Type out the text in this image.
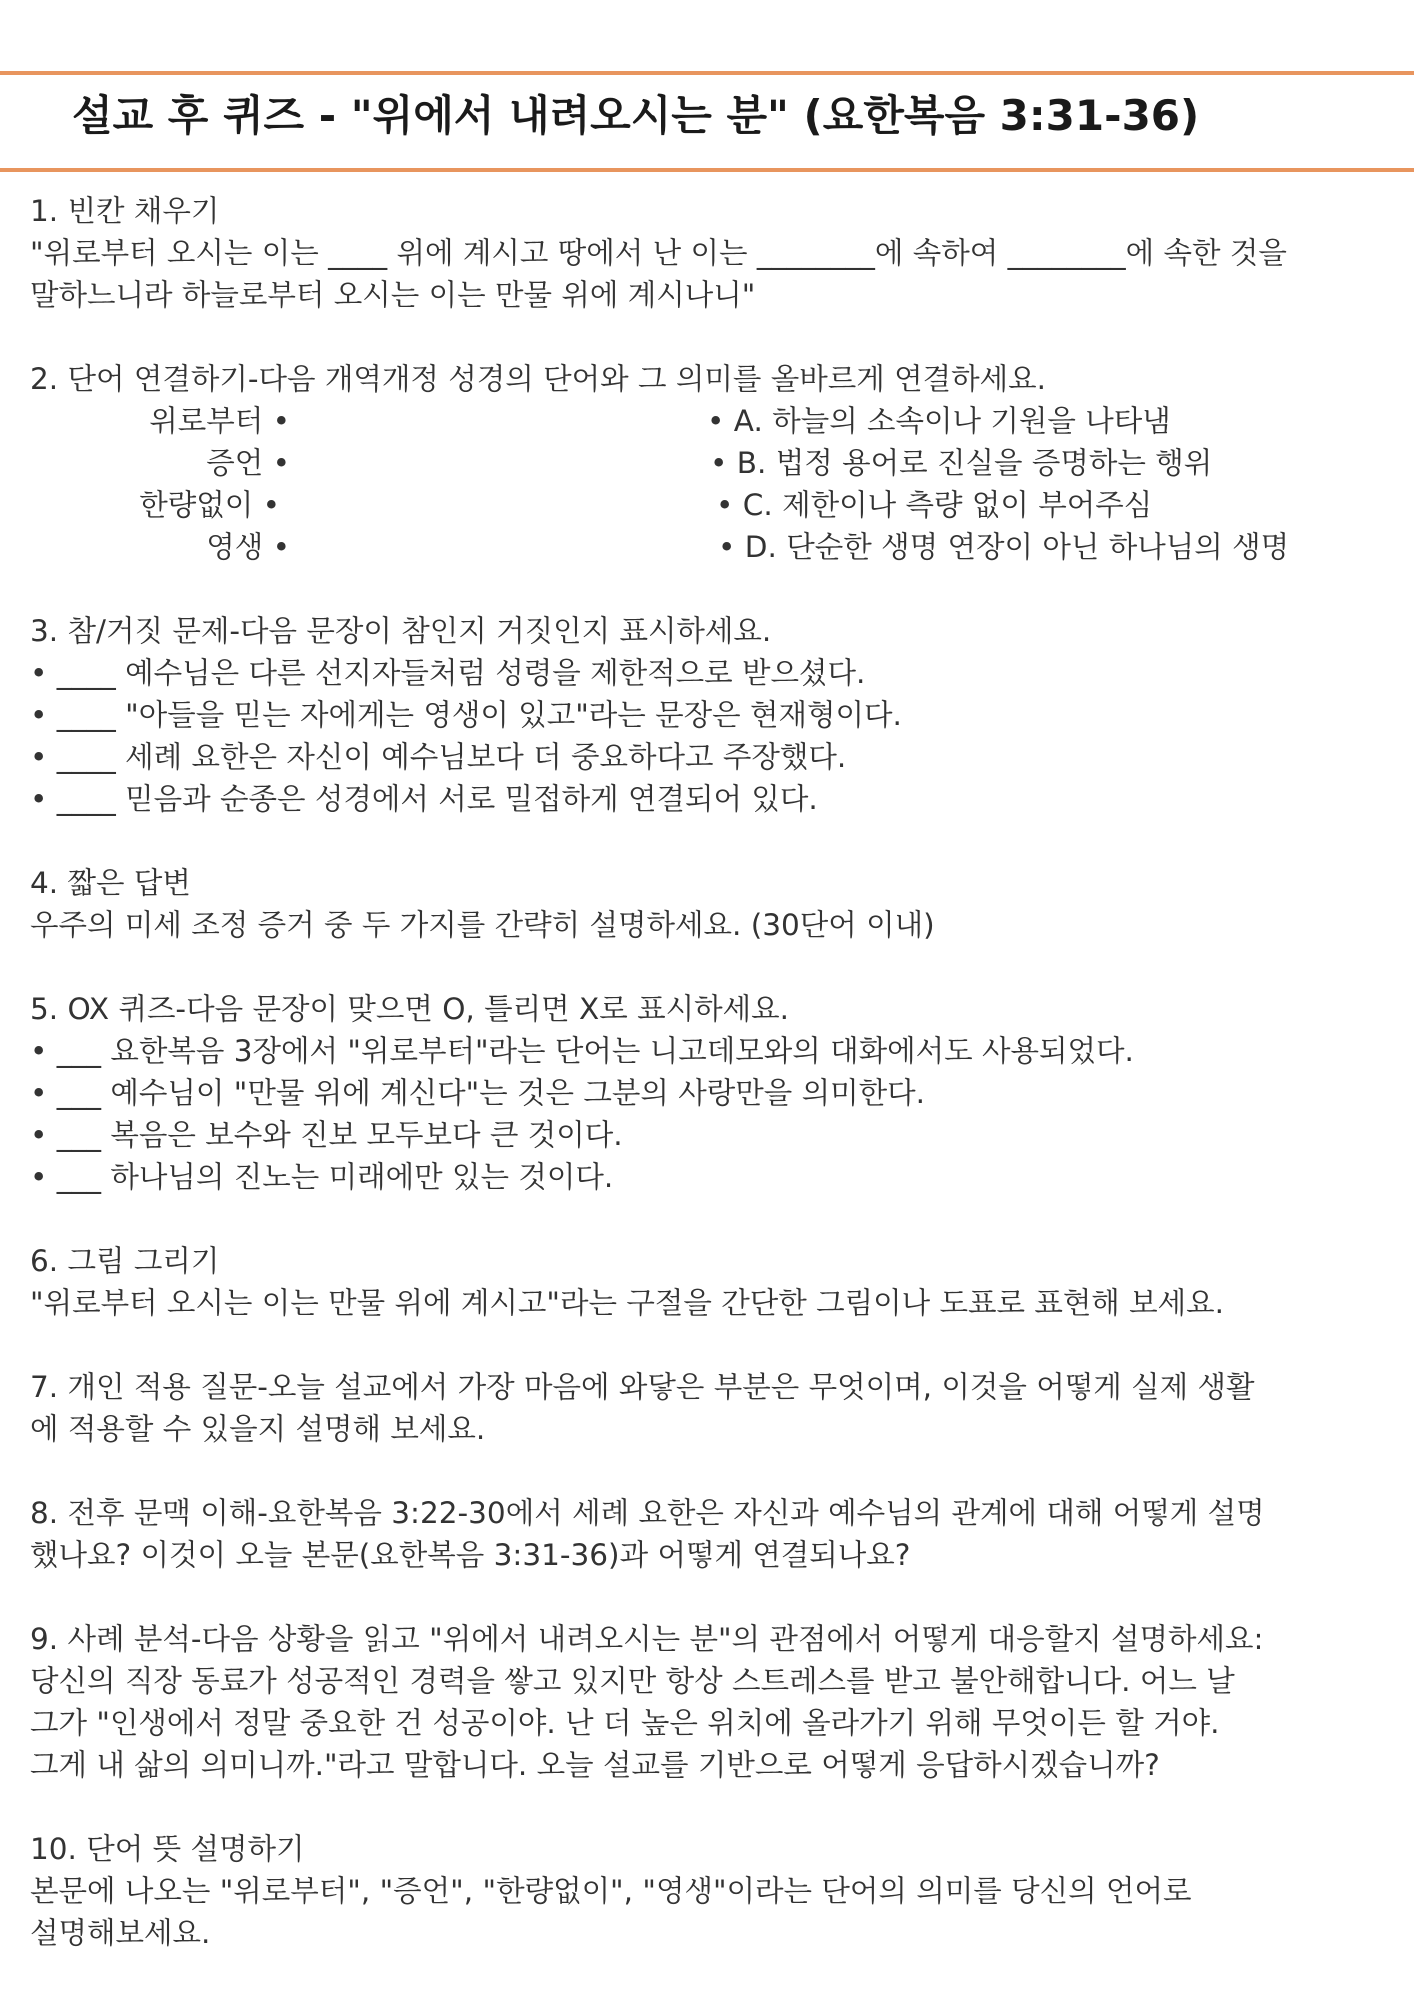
설교 후 퀴즈 - "위에서 내려오시는 분" (요한복음 3:31-36)
1. 빈칸 채우기
"위로부터 오시는 이는 ____ 위에 계시고 땅에서 난 이는 ________에 속하여 ________에 속한 것을
말하느니라 하늘로부터 오시는 이는 만물 위에 계시나니"
2. 단어 연결하기-다음 개역개정 성경의 단어와 그 의미를 올바르게 연결하세요.
위로부터 •	• A. 하늘의 소속이나 기원을 나타냄
증언 •	• B. 법정 용어로 진실을 증명하는 행위
한량없이 •	• C. 제한이나 측량 없이 부어주심
영생 •	• D. 단순한 생명 연장이 아닌 하나님의 생명
3. 참/거짓 문제-다음 문장이 참인지 거짓인지 표시하세요.
• ____ 예수님은 다른 선지자들처럼 성령을 제한적으로 받으셨다.
• ____ "아들을 믿는 자에게는 영생이 있고"라는 문장은 현재형이다.
• ____ 세례 요한은 자신이 예수님보다 더 중요하다고 주장했다.
• ____ 믿음과 순종은 성경에서 서로 밀접하게 연결되어 있다.
4. 짧은 답변
우주의 미세 조정 증거 중 두 가지를 간략히 설명하세요. (30단어 이내)
5. OX 퀴즈-다음 문장이 맞으면 O, 틀리면 X로 표시하세요.
• ___ 요한복음 3장에서 "위로부터"라는 단어는 니고데모와의 대화에서도 사용되었다.
• ___ 예수님이 "만물 위에 계신다"는 것은 그분의 사랑만을 의미한다.
• ___ 복음은 보수와 진보 모두보다 큰 것이다.
• ___ 하나님의 진노는 미래에만 있는 것이다.
6. 그림 그리기
"위로부터 오시는 이는 만물 위에 계시고"라는 구절을 간단한 그림이나 도표로 표현해 보세요.
7. 개인 적용 질문-오늘 설교에서 가장 마음에 와닿은 부분은 무엇이며, 이것을 어떻게 실제 생활
에 적용할 수 있을지 설명해 보세요.
8. 전후 문맥 이해-요한복음 3:22-30에서 세례 요한은 자신과 예수님의 관계에 대해 어떻게 설명
했나요? 이것이 오늘 본문(요한복음 3:31-36)과 어떻게 연결되나요?
9. 사례 분석-다음 상황을 읽고 "위에서 내려오시는 분"의 관점에서 어떻게 대응할지 설명하세요:
당신의 직장 동료가 성공적인 경력을 쌓고 있지만 항상 스트레스를 받고 불안해합니다. 어느 날
그가 "인생에서 정말 중요한 건 성공이야. 난 더 높은 위치에 올라가기 위해 무엇이든 할 거야.
그게 내 삶의 의미니까."라고 말합니다. 오늘 설교를 기반으로 어떻게 응답하시겠습니까?
10. 단어 뜻 설명하기
본문에 나오는 "위로부터", "증언", "한량없이", "영생"이라는 단어의 의미를 당신의 언어로
설명해보세요.
